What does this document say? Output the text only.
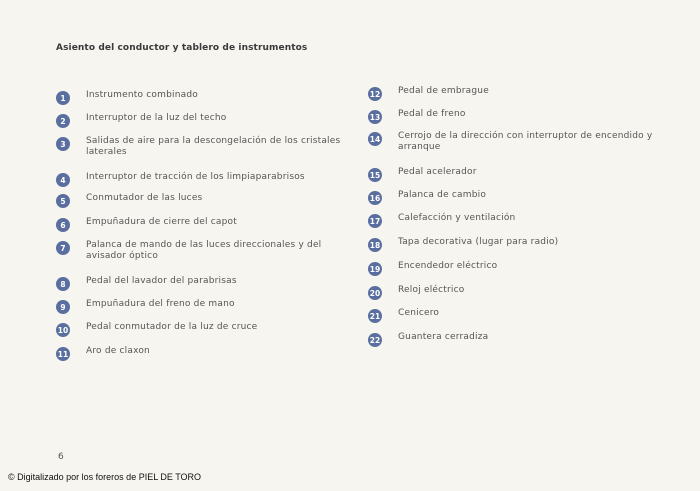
Asiento del conductor y tablero de instrumentos
1	Instrumento combinado
2	Interruptor de la luz del techo
3	Salidas de aire para la descongelación de los cristales laterales
4	Interruptor de tracción de los limpiaparabrisos
5	Conmutador de las luces
6	Empuñadura de cierre del capot
7	Palanca de mando de las luces direccionales y del avisador óptico
8	Pedal del lavador del parabrisas
9	Empuñadura del freno de mano
10 Pedal conmutador de la luz de cruce
11 Aro de claxon
12 Pedal de embrague
13 Pedal de freno
14 Cerrojo de la dirección con interruptor de encendido y arranque
15 Pedal acelerador
16 Palanca de cambio
17 Calefacción y ventilación
18 Tapa decorativa (lugar para radio)
19 Encendedor eléctrico
20 Reloj eléctrico
21 Cenicero
22 Guantera cerradiza
6
© Digitalizado por los foreros de PIEL DE TORO
